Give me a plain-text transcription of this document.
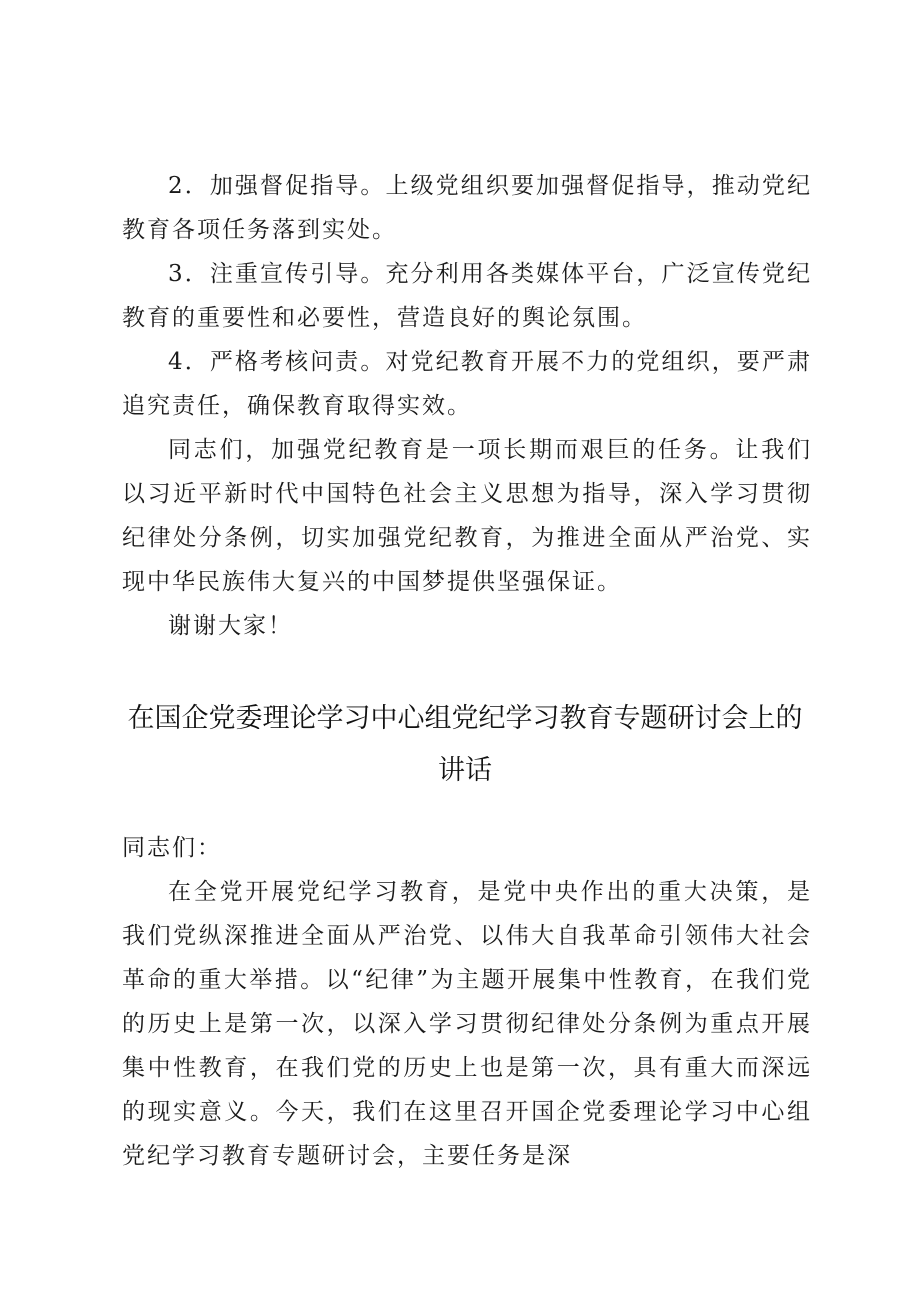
2．加强督促指导。上级党组织要加强督促指导，推动党纪教育各项任务落到实处。

3．注重宣传引导。充分利用各类媒体平台，广泛宣传党纪教育的重要性和必要性，营造良好的舆论氛围。

4．严格考核问责。对党纪教育开展不力的党组织，要严肃追究责任，确保教育取得实效。

同志们，加强党纪教育是一项长期而艰巨的任务。让我们以习近平新时代中国特色社会主义思想为指导，深入学习贯彻纪律处分条例，切实加强党纪教育，为推进全面从严治党、实现中华民族伟大复兴的中国梦提供坚强保证。

谢谢大家！

在国企党委理论学习中心组党纪学习教育专题研讨会上的讲话

同志们：

在全党开展党纪学习教育，是党中央作出的重大决策，是我们党纵深推进全面从严治党、以伟大自我革命引领伟大社会革命的重大举措。以“纪律”为主题开展集中性教育，在我们党的历史上是第一次，以深入学习贯彻纪律处分条例为重点开展集中性教育，在我们党的历史上也是第一次，具有重大而深远的现实意义。今天，我们在这里召开国企党委理论学习中心组党纪学习教育专题研讨会，主要任务是深
